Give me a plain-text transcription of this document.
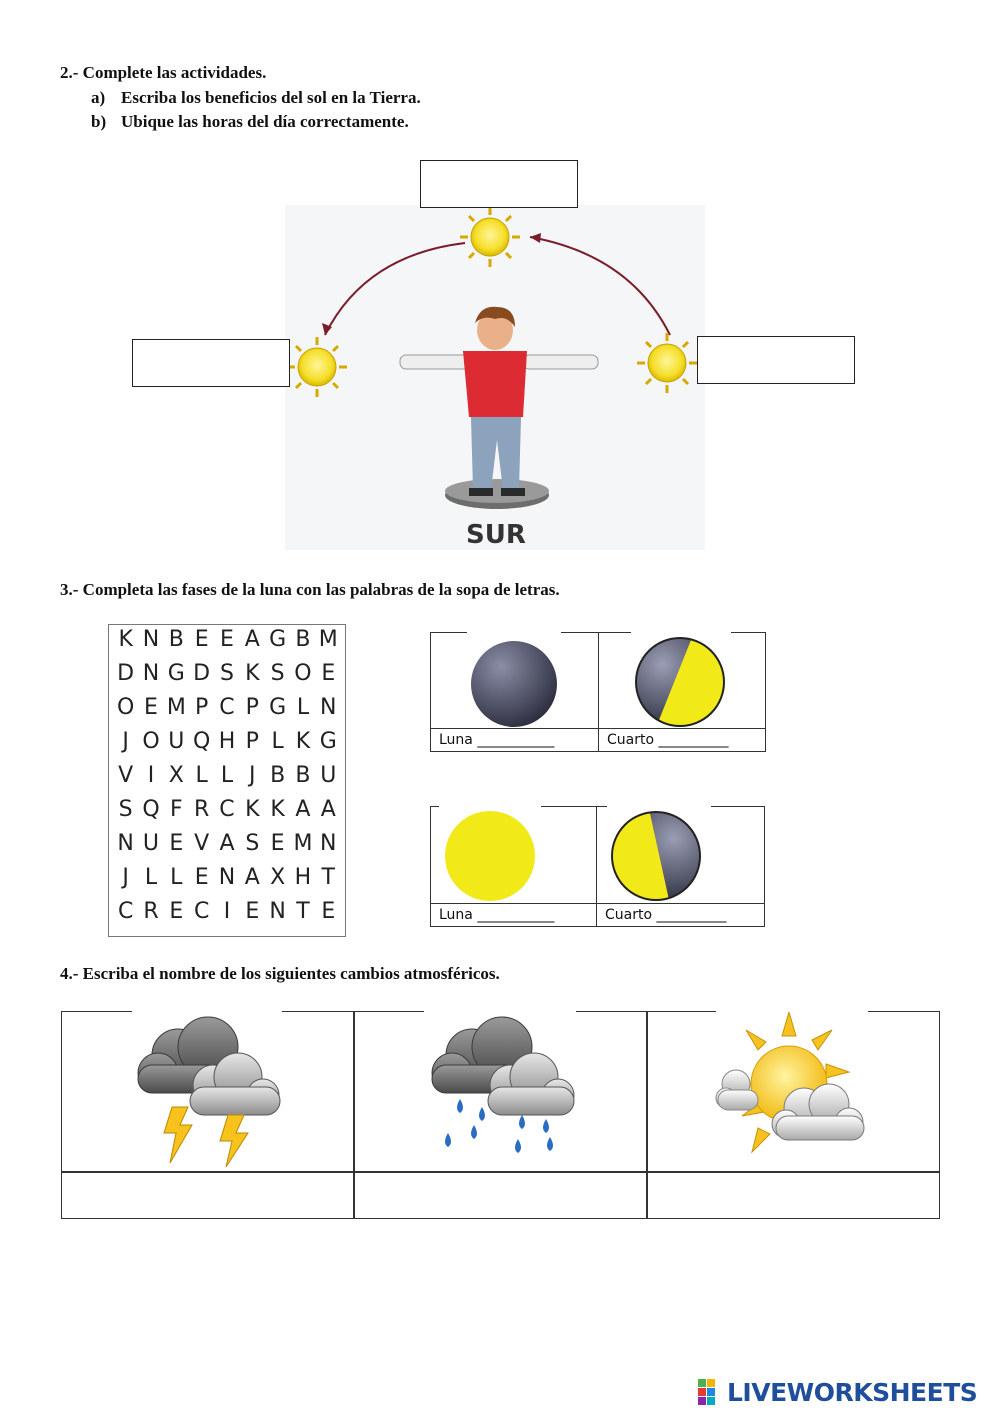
2.- Complete las actividades.
a) Escriba los beneficios del sol en la Tierra.
b) Ubique las horas del día correctamente.
SUR
3.- Completa las fases de la luna con las palabras de la sopa de letras.
K N B E E A G B M
D N G D S K S O E
O E M P C P G L N
J O U Q H P L K G
V I X L L J B B U
S Q F R C K K A A
N U E V A S E M N
J L L E N A X H T
C R E C I E N T E
Luna ___________	Cuarto __________
Luna ___________	Cuarto __________
4.- Escriba el nombre de los siguientes cambios atmosféricos.
LIVEWORKSHEETS
